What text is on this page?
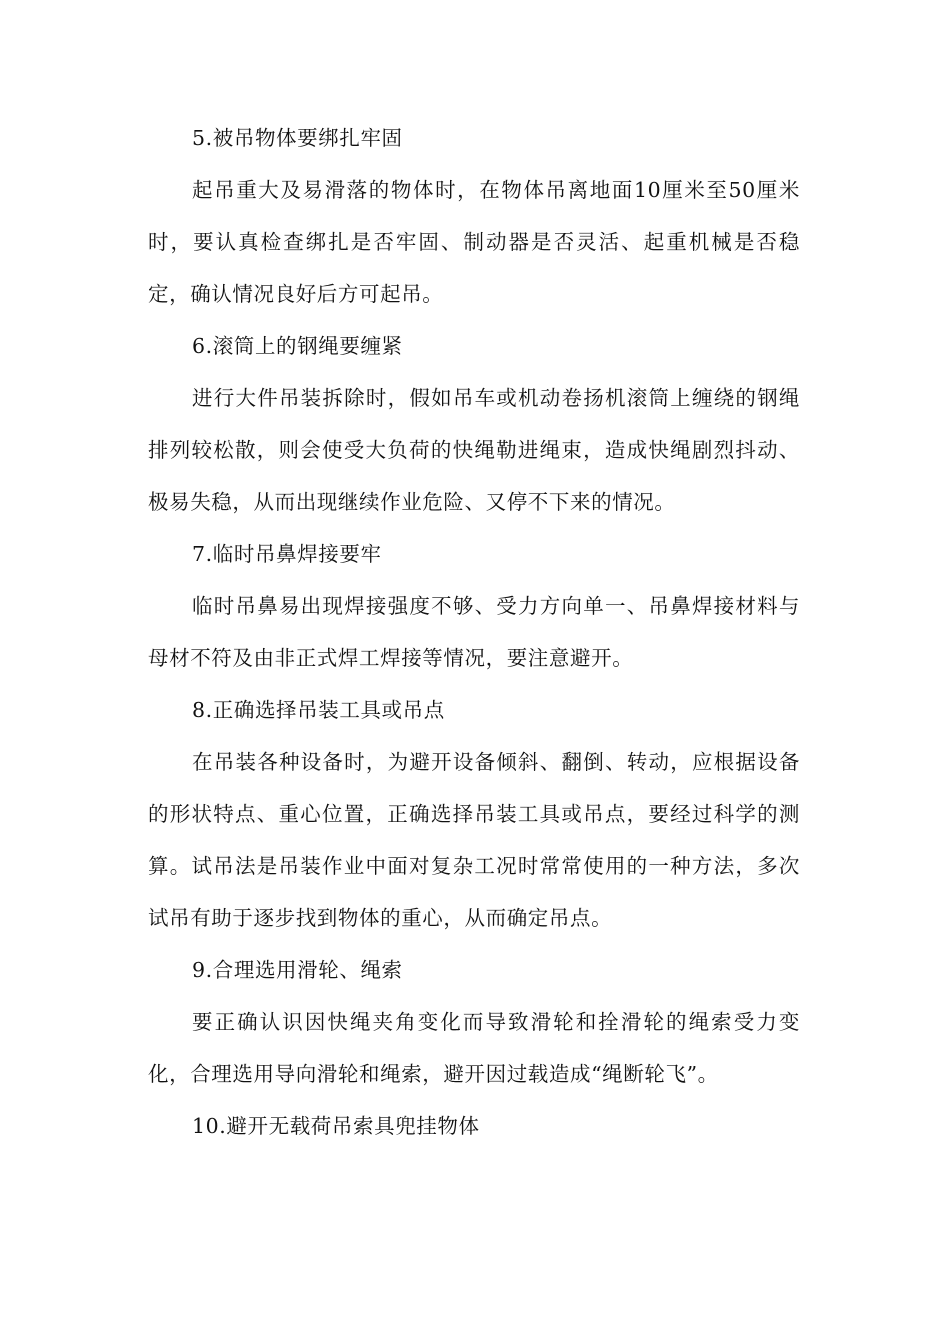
5.被吊物体要绑扎牢固

起吊重大及易滑落的物体时，在物体吊离地面10厘米至50厘米时，要认真检查绑扎是否牢固、制动器是否灵活、起重机械是否稳定，确认情况良好后方可起吊。

6.滚筒上的钢绳要缠紧

进行大件吊装拆除时，假如吊车或机动卷扬机滚筒上缠绕的钢绳排列较松散，则会使受大负荷的快绳勒进绳束，造成快绳剧烈抖动、极易失稳，从而出现继续作业危险、又停不下来的情况。

7.临时吊鼻焊接要牢

临时吊鼻易出现焊接强度不够、受力方向单一、吊鼻焊接材料与母材不符及由非正式焊工焊接等情况，要注意避开。

8.正确选择吊装工具或吊点

在吊装各种设备时，为避开设备倾斜、翻倒、转动，应根据设备的形状特点、重心位置，正确选择吊装工具或吊点，要经过科学的测算。试吊法是吊装作业中面对复杂工况时常常使用的一种方法，多次试吊有助于逐步找到物体的重心，从而确定吊点。

9.合理选用滑轮、绳索

要正确认识因快绳夹角变化而导致滑轮和拴滑轮的绳索受力变化，合理选用导向滑轮和绳索，避开因过载造成“绳断轮飞”。

10.避开无载荷吊索具兜挂物体
